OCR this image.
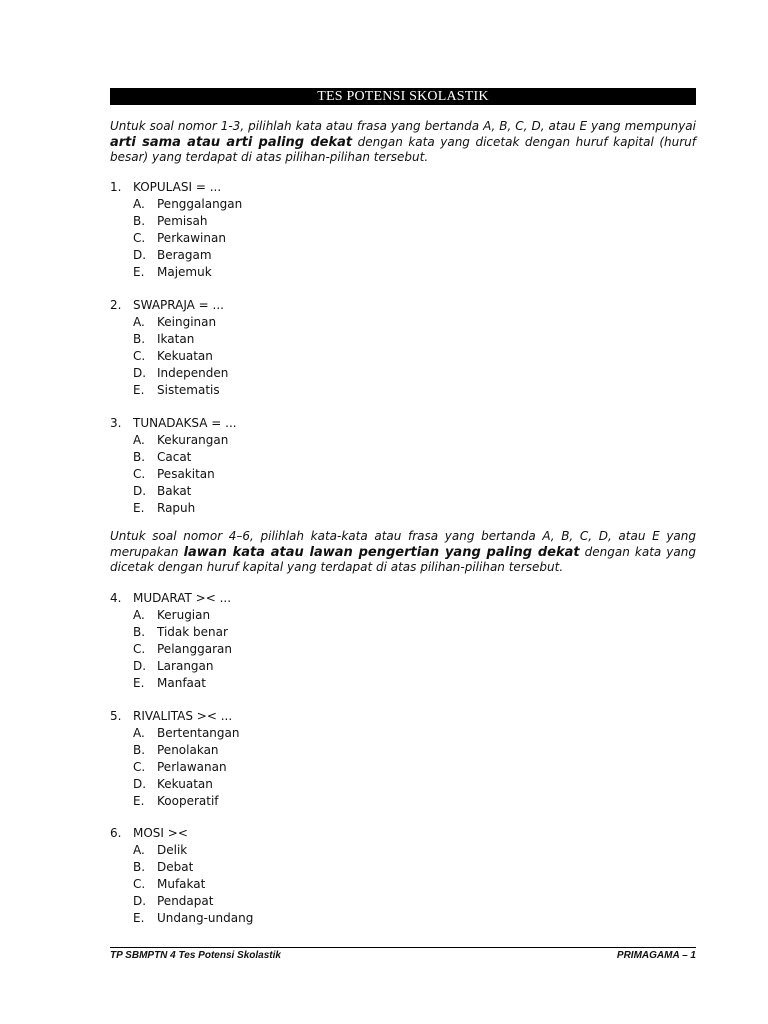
TES POTENSI SKOLASTIK
Untuk soal nomor 1-3, pilihlah kata atau frasa yang bertanda A, B, C, D, atau E yang mempunyai arti sama atau arti paling dekat dengan kata yang dicetak dengan huruf kapital (huruf besar) yang terdapat di atas pilihan-pilihan tersebut.
1. KOPULASI = ...
A. Penggalangan
B. Pemisah
C. Perkawinan
D. Beragam
E. Majemuk
2. SWAPRAJA = ...
A. Keinginan
B. Ikatan
C. Kekuatan
D. Independen
E. Sistematis
3. TUNADAKSA = ...
A. Kekurangan
B. Cacat
C. Pesakitan
D. Bakat
E. Rapuh
Untuk soal nomor 4–6, pilihlah kata-kata atau frasa yang bertanda A, B, C, D, atau E yang merupakan lawan kata atau lawan pengertian yang paling dekat dengan kata yang dicetak dengan huruf kapital yang terdapat di atas pilihan-pilihan tersebut.
4. MUDARAT >< ...
A. Kerugian
B. Tidak benar
C. Pelanggaran
D. Larangan
E. Manfaat
5. RIVALITAS >< ...
A. Bertentangan
B. Penolakan
C. Perlawanan
D. Kekuatan
E. Kooperatif
6. MOSI ><
A. Delik
B. Debat
C. Mufakat
D. Pendapat
E. Undang-undang
TP SBMPTN 4 Tes Potensi Skolastik	PRIMAGAMA – 1
